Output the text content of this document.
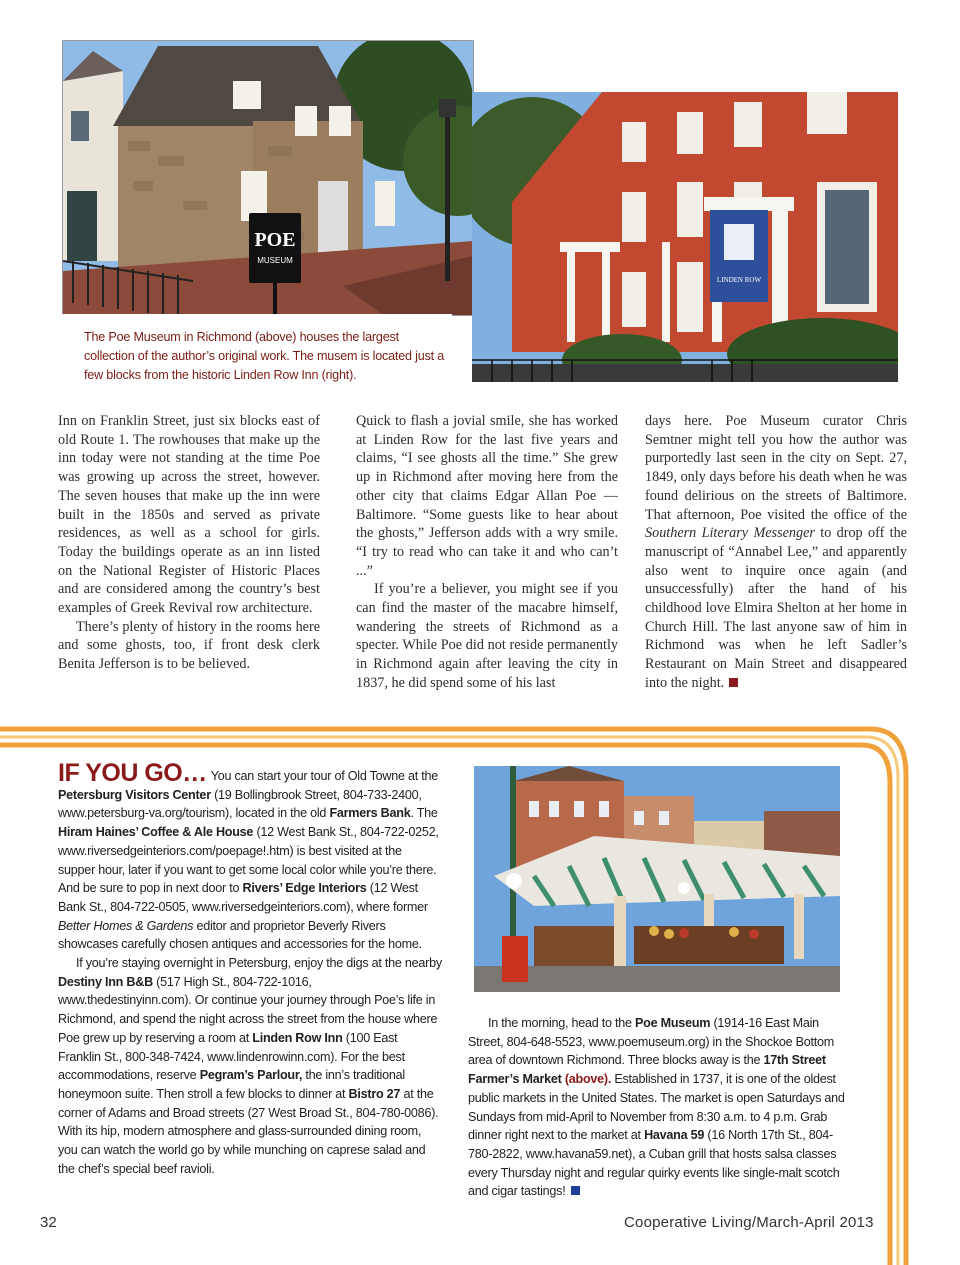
POE
MUSEUM
LINDEN ROW

The Poe Museum in Richmond (above) houses the largest collection of the author’s original work. The musem is located just a few blocks from the historic Linden Row Inn (right).

Inn on Franklin Street, just six blocks east of old Route 1. The rowhouses that make up the inn today were not standing at the time Poe was growing up across the street, however. The seven houses that make up the inn were built in the 1850s and served as private residences, as well as a school for girls. Today the buildings operate as an inn listed on the National Register of Historic Places and are considered among the country’s best examples of Greek Revival row architecture.

There’s plenty of history in the rooms here and some ghosts, too, if front desk clerk Benita Jefferson is to be believed.

Quick to flash a jovial smile, she has worked at Linden Row for the last five years and claims, “I see ghosts all the time.” She grew up in Richmond after moving here from the other city that claims Edgar Allan Poe — Baltimore. “Some guests like to hear about the ghosts,” Jefferson adds with a wry smile. “I try to read who can take it and who can’t ...”

If you’re a believer, you might see if you can find the master of the macabre himself, wandering the streets of Richmond as a specter. While Poe did not reside permanently in Richmond again after leaving the city in 1837, he did spend some of his last

days here. Poe Museum curator Chris Semtner might tell you how the author was purportedly last seen in the city on Sept. 27, 1849, only days before his death when he was found delirious on the streets of Baltimore. That afternoon, Poe visited the office of the Southern Literary Messenger to drop off the manuscript of “Annabel Lee,” and apparently also went to inquire once again (and unsuccessfully) after the hand of his childhood love Elmira Shelton at her home in Church Hill. The last anyone saw of him in Richmond was when he left Sadler’s Restaurant on Main Street and disappeared into the night.

IF YOU GO… You can start your tour of Old Towne at the Petersburg Visitors Center (19 Bollingbrook Street, 804-733-2400, www.petersburg-va.org/tourism), located in the old Farmers Bank. The Hiram Haines’ Coffee & Ale House (12 West Bank St., 804-722-0252, www.riversedgeinteriors.com/poepage!.htm) is best visited at the supper hour, later if you want to get some local color while you’re there. And be sure to pop in next door to Rivers’ Edge Interiors (12 West Bank St., 804-722-0505, www.riversedgeinteriors.com), where former Better Homes & Gardens editor and proprietor Beverly Rivers showcases carefully chosen antiques and accessories for the home.

If you’re staying overnight in Petersburg, enjoy the digs at the nearby Destiny Inn B&B (517 High St., 804-722-1016, www.thedestinyinn.com). Or continue your journey through Poe’s life in Richmond, and spend the night across the street from the house where Poe grew up by reserving a room at Linden Row Inn (100 East Franklin St., 800-348-7424, www.lindenrowinn.com). For the best accommodations, reserve Pegram’s Parlour, the inn’s traditional honeymoon suite. Then stroll a few blocks to dinner at Bistro 27 at the corner of Adams and Broad streets (27 West Broad St., 804-780-0086). With its hip, modern atmosphere and glass-surrounded dining room, you can watch the world go by while munching on caprese salad and the chef’s special beef ravioli.

In the morning, head to the Poe Museum (1914-16 East Main Street, 804-648-5523, www.poemuseum.org) in the Shockoe Bottom area of downtown Richmond. Three blocks away is the 17th Street Farmer’s Market (above). Established in 1737, it is one of the oldest public markets in the United States. The market is open Saturdays and Sundays from mid-April to November from 8:30 a.m. to 4 p.m. Grab dinner right next to the market at Havana 59 (16 North 17th St., 804-780-2822, www.havana59.net), a Cuban grill that hosts salsa classes every Thursday night and regular quirky events like single-malt scotch and cigar tastings!

32	Cooperative Living/March-April 2013
